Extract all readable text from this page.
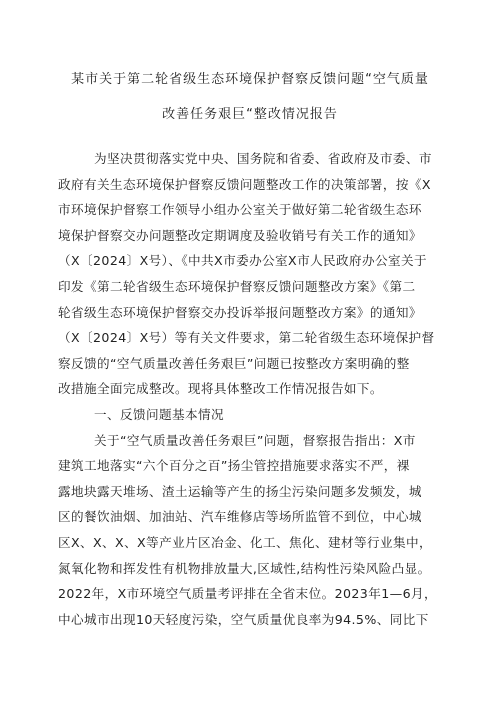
某市关于第二轮省级生态环境保护督察反馈问题“空气质量
改善任务艰巨“整改情况报告
为坚决贯彻落实党中央、国务院和省委、省政府及市委、市
政府有关生态环境保护督察反馈问题整改工作的决策部署，按《X
市环境保护督察工作领导小组办公室关于做好第二轮省级生态环
境保护督察交办问题整改定期调度及验收销号有关工作的通知》
（X〔2024〕X号）、《中共X市委办公室X市人民政府办公室关于
印发《第二轮省级生态环境保护督察反馈问题整改方案》《第二
轮省级生态环境保护督察交办投诉举报问题整改方案》的通知》
（X〔2024〕X号）等有关文件要求，第二轮省级生态环境保护督
察反馈的“空气质量改善任务艰巨”问题已按整改方案明确的整
改措施全面完成整改。现将具体整改工作情况报告如下。
一、反馈问题基本情况
关于“空气质量改善任务艰巨”问题，督察报告指出：X市
建筑工地落实“六个百分之百”扬尘管控措施要求落实不严，裸
露地块露天堆场、渣土运输等产生的扬尘污染问题多发频发，城
区的餐饮油烟、加油站、汽车维修店等场所监管不到位，中心城
区X、X、X、X等产业片区冶金、化工、焦化、建材等行业集中，
氮氧化物和挥发性有机物排放量大,区域性,结构性污染风险凸显。
2022年，X市环境空气质量考评排在全省末位。2023年1—6月，
中心城市出现10天轻度污染，空气质量优良率为94.5%、同比下
